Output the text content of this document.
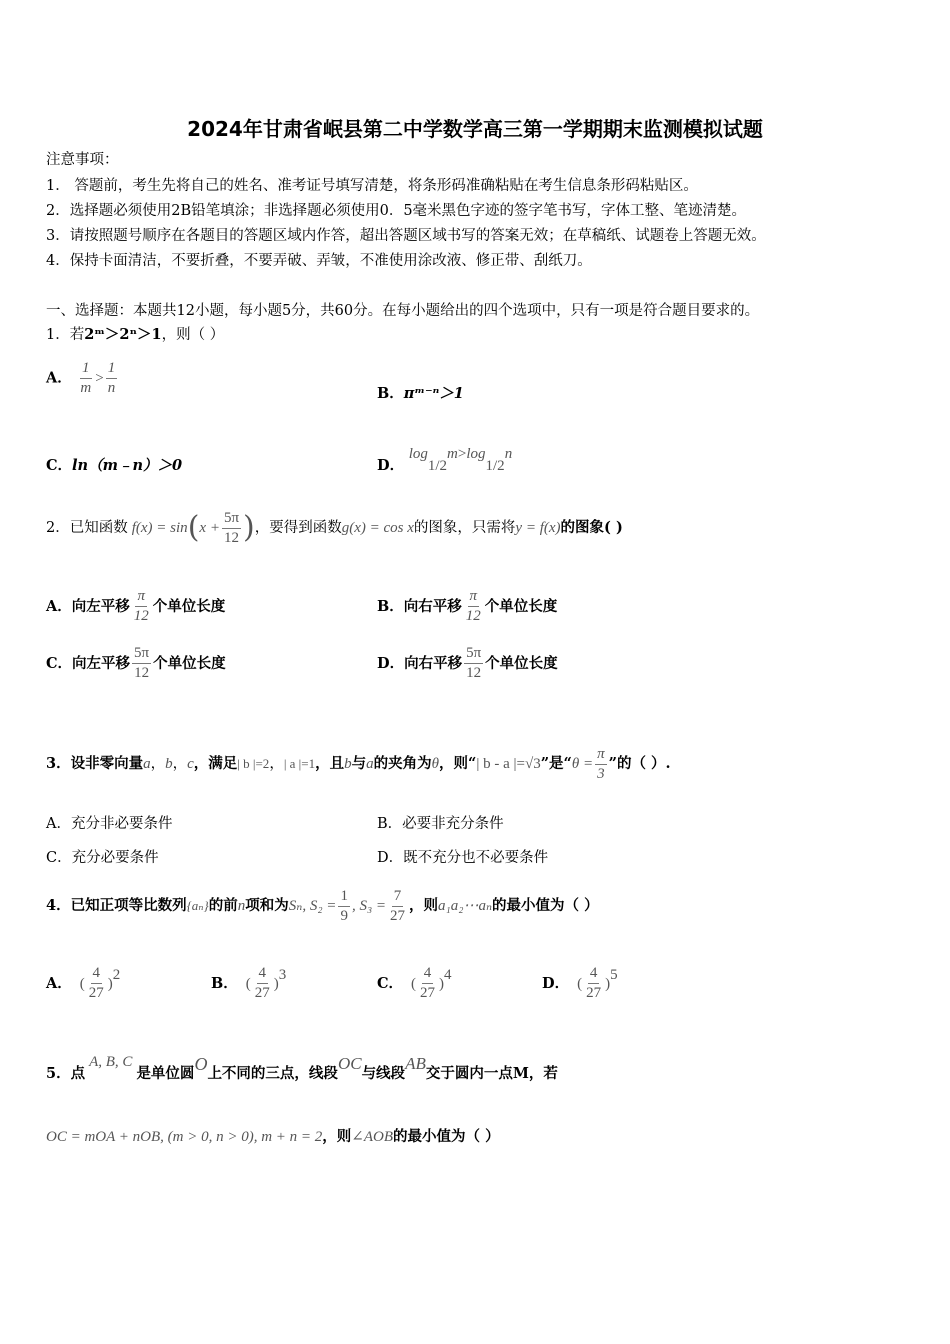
2024年甘肃省岷县第二中学数学高三第一学期期末监测模拟试题
注意事项：
1． 答题前，考生先将自己的姓名、准考证号填写清楚，将条形码准确粘贴在考生信息条形码粘贴区。
2．选择题必须使用2B铅笔填涂；非选择题必须使用0．5毫米黑色字迹的签字笔书写，字体工整、笔迹清楚。
3．请按照题号顺序在各题目的答题区域内作答，超出答题区域书写的答案无效；在草稿纸、试题卷上答题无效。
4．保持卡面清洁，不要折叠，不要弄破、弄皱，不准使用涂改液、修正带、刮纸刀。
一、选择题：本题共12小题，每小题5分，共60分。在每小题给出的四个选项中，只有一项是符合题目要求的。
1．若2ᵐ＞2ⁿ＞1，则（ ）
A． $\frac{1}{m} > \frac{1}{n}$	B．πᵐ⁻ⁿ＞1
C．ln（m﹣n）＞0	D． $\log_{1/2}m>\log_{1/2}n$
2．已知函数 f(x) = sin ( $x + \frac{5\pi}{12}$ ) ，要得到函数 g(x) = cos x 的图象，只需将 y = f(x) 的图象( )
A．向左平移 $\frac{\pi}{12}$ 个单位长度	B．向右平移 $\frac{\pi}{12}$ 个单位长度
C．向左平移 $\frac{5\pi}{12}$ 个单位长度	D．向右平移 $\frac{5\pi}{12}$ 个单位长度
3．设非零向量 a ， b ， c ，满足 | b |=2 ， | a |=1 ，且 b 与 a 的夹角为 θ ，则“ | b - a |=√3 ”是“ $\theta = \frac{\pi}{3}$ ”的（ ）.
A．充分非必要条件	B．必要非充分条件
C．充分必要条件	D．既不充分也不必要条件
4．已知正项等比数列 {aₙ} 的前 n 项和为 Sₙ, $S_2 = \frac{1}{9}$ , $S_3 = \frac{7}{27}$ ，则 a₁a₂⋯aₙ 的最小值为（ ）
A． ( $\frac{4}{27}$ )
2	B． ( $\frac{4}{27}$ )
3	C． ( $\frac{4}{27}$ )
4	D． ( $\frac{4}{27}$ )
5
5．点
A, B, C
是单位圆 O 上不同的三点，线段
OC
与线段
AB
交于圆内一点M，若
OC = mOA + nOB, (m > 0, n > 0), m + n = 2 ，则 ∠AOB 的最小值为（ ）
